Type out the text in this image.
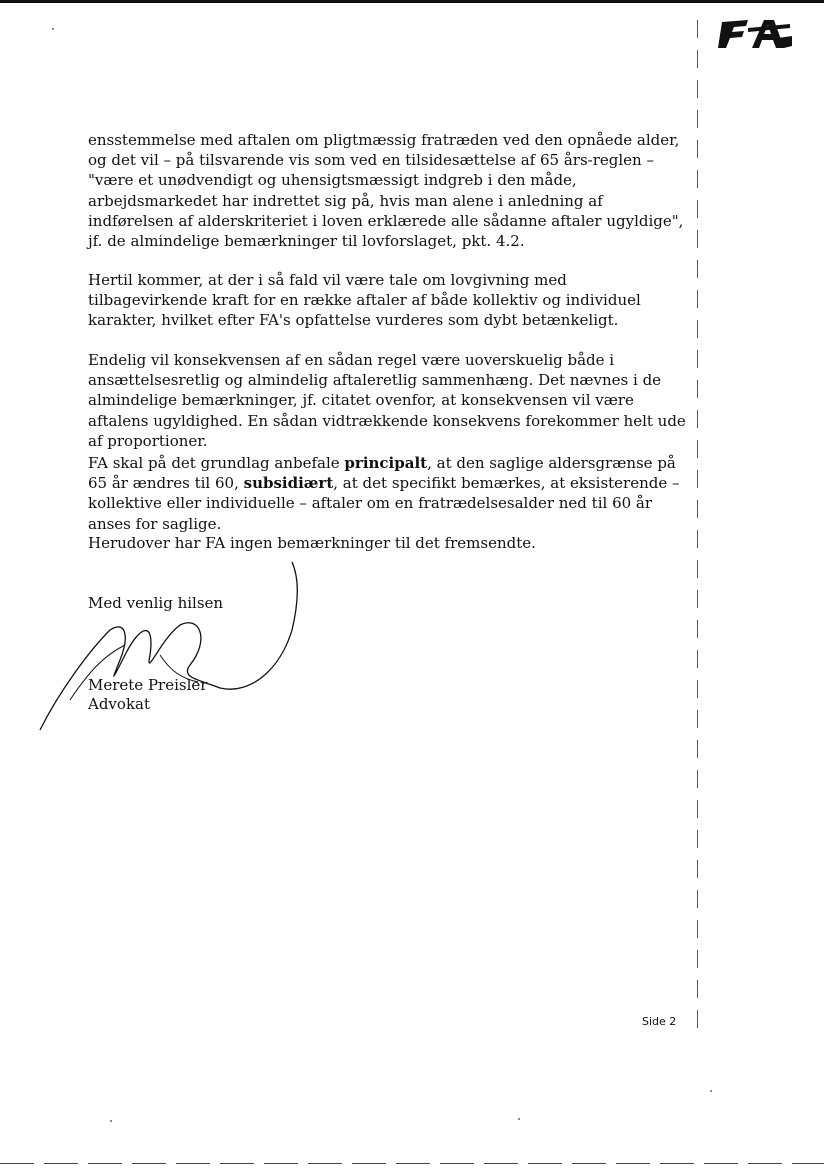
ensstemmelse med aftalen om pligtmæssig fratræden ved den opnåede alder, og det vil – på tilsvarende vis som ved en tilsidesættelse af 65 års-reglen – "være et unødvendigt og uhensigtsmæssigt indgreb i den måde, arbejdsmarkedet har indrettet sig på, hvis man alene i anledning af indførelsen af alderskriteriet i loven erklærede alle sådanne aftaler ugyldige", jf. de almindelige bemærkninger til lovforslaget, pkt. 4.2.

Hertil kommer, at der i så fald vil være tale om lovgivning med tilbagevirkende kraft for en række aftaler af både kollektiv og individuel karakter, hvilket efter FA's opfattelse vurderes som dybt betænkeligt.

Endelig vil konsekvensen af en sådan regel være uoverskuelig både i ansættelsesretlig og almindelig aftaleretlig sammenhæng. Det nævnes i de almindelige bemærkninger, jf. citatet ovenfor, at konsekvensen vil være aftalens ugyldighed. En sådan vidtrækkende konsekvens forekommer helt ude af proportioner.

FA skal på det grundlag anbefale principalt, at den saglige aldersgrænse på 65 år ændres til 60, subsidiært, at det specifikt bemærkes, at eksisterende – kollektive eller individuelle – aftaler om en fratrædelsesalder ned til 60 år anses for saglige.

Herudover har FA ingen bemærkninger til det fremsendte.

Med venlig hilsen
Merete Preisler
Advokat
Side 2
